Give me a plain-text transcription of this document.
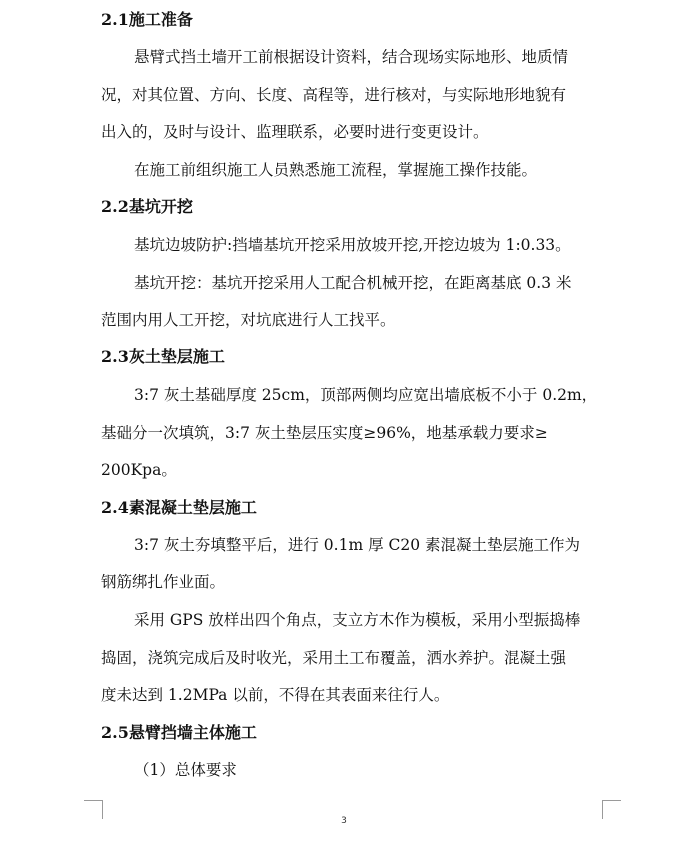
2.1施工准备
悬臂式挡土墙开工前根据设计资料，结合现场实际地形、地质情
况，对其位置、方向、长度、高程等，进行核对，与实际地形地貌有
出入的，及时与设计、监理联系，必要时进行变更设计。
在施工前组织施工人员熟悉施工流程，掌握施工操作技能。
2.2基坑开挖
基坑边坡防护:挡墙基坑开挖采用放坡开挖,开挖边坡为 1:0.33。
基坑开挖：基坑开挖采用人工配合机械开挖，在距离基底 0.3 米
范围内用人工开挖，对坑底进行人工找平。
2.3灰土垫层施工
3:7 灰土基础厚度 25cm，顶部两侧均应宽出墙底板不小于 0.2m，
基础分一次填筑，3:7 灰土垫层压实度≥96%，地基承载力要求≥
200Kpa。
2.4素混凝土垫层施工
3:7 灰土夯填整平后，进行 0.1m 厚 C20 素混凝土垫层施工作为
钢筋绑扎作业面。
采用 GPS 放样出四个角点，支立方木作为模板，采用小型振捣棒
捣固，浇筑完成后及时收光，采用土工布覆盖，洒水养护。混凝土强
度未达到 1.2MPa 以前，不得在其表面来往行人。
2.5悬臂挡墙主体施工
（1）总体要求
3
